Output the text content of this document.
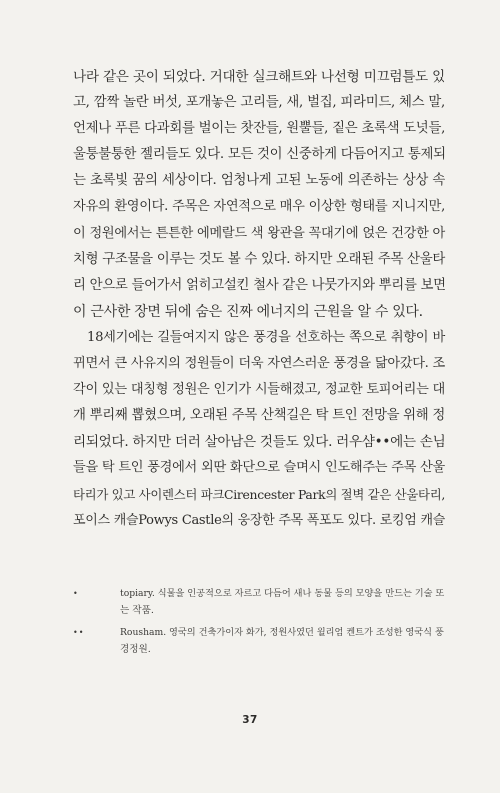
나라 같은 곳이 되었다. 거대한 실크해트와 나선형 미끄럼틀도 있
고, 깜짝 놀란 버섯, 포개놓은 고리들, 새, 벌집, 피라미드, 체스 말,
언제나 푸른 다과회를 벌이는 찻잔들, 원뿔들, 짙은 초록색 도넛들,
울퉁불퉁한 젤리들도 있다. 모든 것이 신중하게 다듬어지고 통제되
는 초록빛 꿈의 세상이다. 엄청나게 고된 노동에 의존하는 상상 속
자유의 환영이다. 주목은 자연적으로 매우 이상한 형태를 지니지만,
이 정원에서는 튼튼한 에메랄드 색 왕관을 꼭대기에 얹은 건강한 아
치형 구조물을 이루는 것도 볼 수 있다. 하지만 오래된 주목 산울타
리 안으로 들어가서 얽히고설킨 철사 같은 나뭇가지와 뿌리를 보면
이 근사한 장면 뒤에 숨은 진짜 에너지의 근원을 알 수 있다.
18세기에는 길들여지지 않은 풍경을 선호하는 쪽으로 취향이 바
뀌면서 큰 사유지의 정원들이 더욱 자연스러운 풍경을 닮아갔다. 조
각이 있는 대칭형 정원은 인기가 시들해졌고, 정교한 토피어리는 대
개 뿌리째 뽑혔으며, 오래된 주목 산책길은 탁 트인 전망을 위해 정
리되었다. 하지만 더러 살아남은 것들도 있다. 러우샴••에는 손님
들을 탁 트인 풍경에서 외딴 화단으로 슬며시 인도해주는 주목 산울
타리가 있고 사이렌스터 파크Cirencester Park의 절벽 같은 산울타리,
포이스 캐슬Powys Castle의 웅장한 주목 폭포도 있다. 로킹엄 캐슬
•	topiary. 식물을 인공적으로 자르고 다듬어 새나 동물 등의 모양을 만드는 기술 또
는 작품.
••	Rousham. 영국의 건축가이자 화가, 정원사였던 윌리엄 켄트가 조성한 영국식 풍
경정원.
37
